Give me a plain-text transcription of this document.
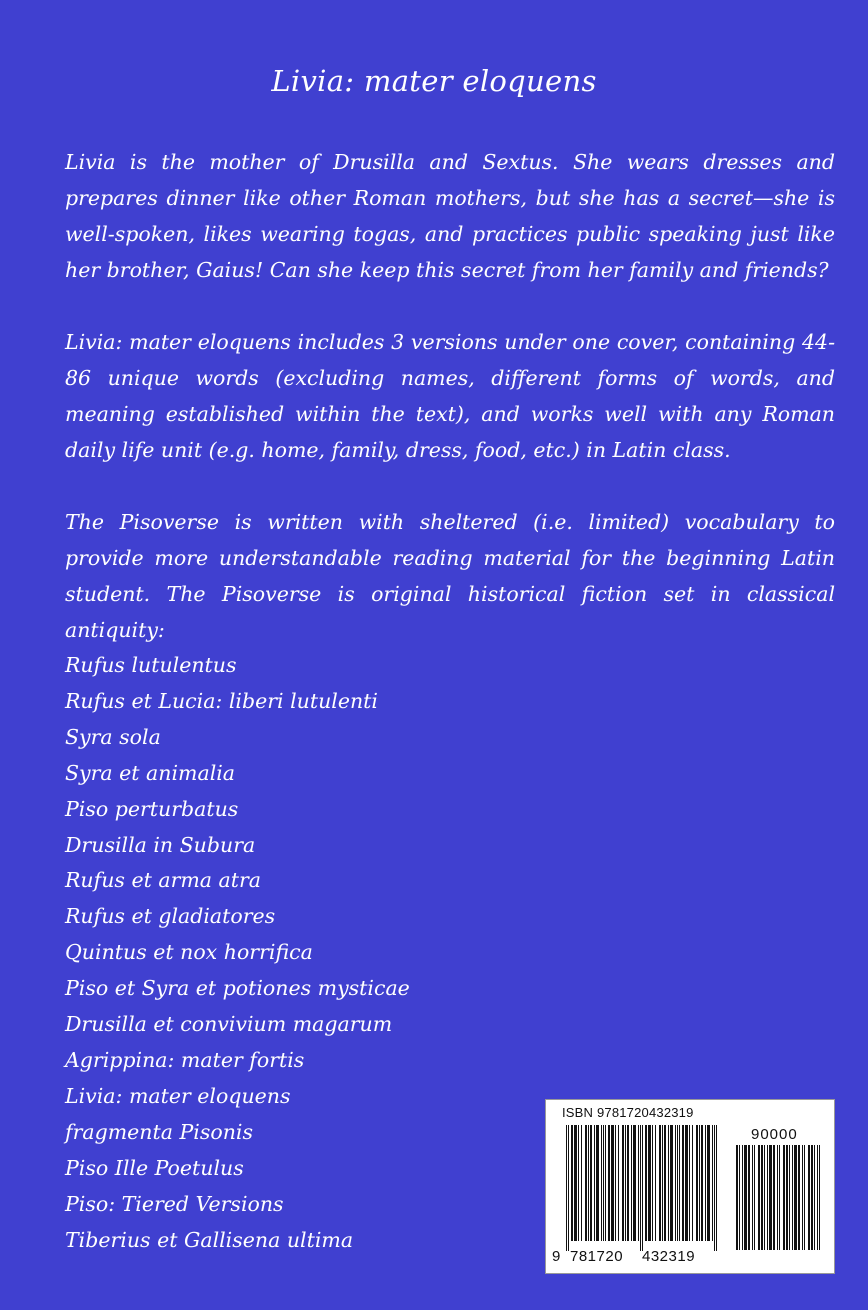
Livia: mater eloquens

Livia is the mother of Drusilla and Sextus. She wears dresses and prepares dinner like other Roman mothers, but she has a secret—she is well-spoken, likes wearing togas, and practices public speaking just like her brother, Gaius! Can she keep this secret from her family and friends?

Livia: mater eloquens includes 3 versions under one cover, containing 44-86 unique words (excluding names, different forms of words, and meaning established within the text), and works well with any Roman daily life unit (e.g. home, family, dress, food, etc.) in Latin class.

The Pisoverse is written with sheltered (i.e. limited) vocabulary to provide more understandable reading material for the beginning Latin student. The Pisoverse is original historical fiction set in classical antiquity:

Rufus lutulentus
Rufus et Lucia: liberi lutulenti
Syra sola
Syra et animalia
Piso perturbatus
Drusilla in Subura
Rufus et arma atra
Rufus et gladiatores
Quintus et nox horrifica
Piso et Syra et potiones mysticae
Drusilla et convivium magarum
Agrippina: mater fortis
Livia: mater eloquens
fragmenta Pisonis
Piso Ille Poetulus
Piso: Tiered Versions
Tiberius et Gallisena ultima
ISBN 9781720432319
90000
9 781720 432319
